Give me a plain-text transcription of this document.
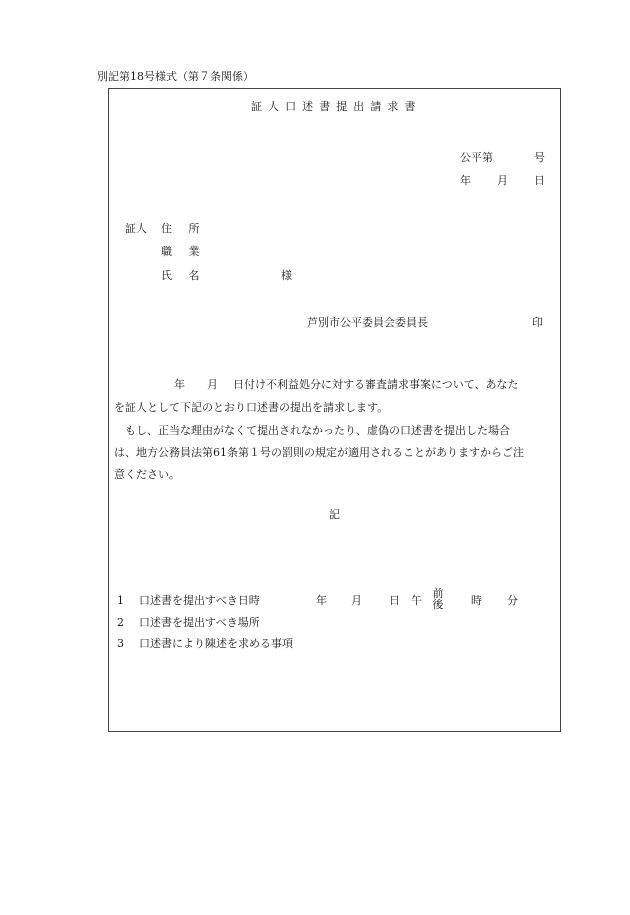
別記第18号様式（第７条関係）
証人口述書提出請求書
公平第	号
年 月 日
証人 住　所
職　業
氏　名	様
芦別市公平委員会委員長	印
年 月 日付け不利益処分に対する審査請求事案について、あなた
を証人として下記のとおり口述書の提出を請求します。
　もし、正当な理由がなくて提出されなかったり、虚偽の口述書を提出した場合
は、地方公務員法第61条第１号の罰則の規定が適用されることがありますからご注
意ください。
記
1 口述書を提出すべき日時
2 口述書を提出すべき場所
3 口述書により陳述を求める事項
年 月 日 午
前
後	時 分
